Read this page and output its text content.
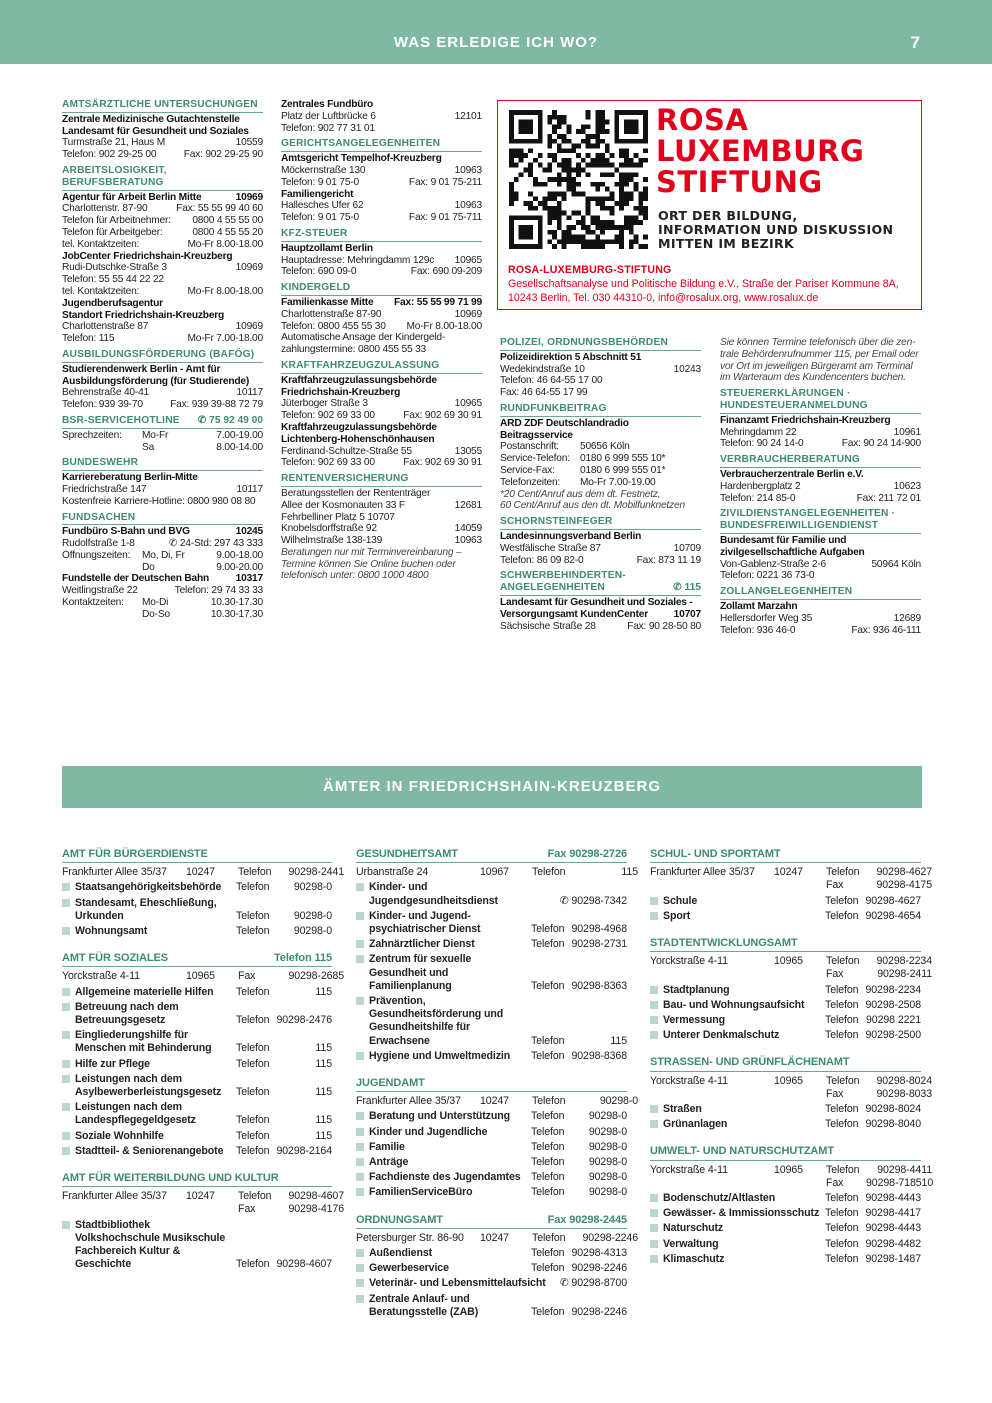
WAS ERLEDIGE ICH WO?	7
AMTSÄRZTLICHE UNTERSUCHUNGEN
Zentrale Medizinische Gutachtenstelle
Landesamt für Gesundheit und Soziales
Turmstraße 21, Haus M	10559
Telefon: 902 29-25 00	Fax: 902 29-25 90
ARBEITSLOSIGKEIT, BERUFSBERATUNG
Agentur für Arbeit Berlin Mitte	10969
Charlottenstr. 87-90	Fax: 55 55 99 40 60
Telefon für Arbeitnehmer:	0800 4 55 55 00
Telefon für Arbeitgeber:	0800 4 55 55 20
tel. Kontaktzeiten:	Mo-Fr 8.00-18.00
JobCenter Friedrichshain-Kreuzberg
Rudi-Dutschke-Straße 3	10969
Telefon: 55 55 44 22 22
tel. Kontaktzeiten:	Mo-Fr 8.00-18.00
Jugendberufsagentur
Standort Friedrichshain-Kreuzberg
Charlottenstraße 87	10969
Telefon: 115	Mo-Fr 7.00-18.00
AUSBILDUNGSFÖRDERUNG (BAFÖG)
Studierendenwerk Berlin - Amt für
Ausbildungsförderung (für Studierende)
Behrenstraße 40-41	10117
Telefon: 939 39-70	Fax: 939 39-88 72 79
BSR-SERVICEHOTLINE ✆ 75 92 49 00
Sprechzeiten:	Mo-Fr	7.00-19.00
Sa	8.00-14.00
BUNDESWEHR
Karriereberatung Berlin-Mitte
Friedrichstraße 147	10117
Kostenfreie Karriere-Hotline: 0800 980 08 80
FUNDSACHEN
Fundbüro S-Bahn und BVG	10245
Rudolfstraße 1-8	✆ 24-Std: 297 43 333
Öffnungszeiten:	Mo, Di, Fr	9.00-18.00
Do	9.00-20.00
Fundstelle der Deutschen Bahn	10317
Weitlingstraße 22	Telefon: 29 74 33 33
Kontaktzeiten:	Mo-Di	10.30-17.30
Do-So	10.30-17.30
Zentrales Fundbüro
Platz der Luftbrücke 6	12101
Telefon: 902 77 31 01
GERICHTSANGELEGENHEITEN
Amtsgericht Tempelhof-Kreuzberg
Möckernstraße 130	10963
Telefon: 9 01 75-0	Fax: 9 01 75-211
Familiengericht
Hallesches Ufer 62	10963
Telefon: 9 01 75-0	Fax: 9 01 75-711
KFZ-STEUER
Hauptzollamt Berlin
Hauptadresse: Mehringdamm 129c	10965
Telefon: 690 09-0	Fax: 690 09-209
KINDERGELD
Familienkasse Mitte	Fax: 55 55 99 71 99
Charlottenstraße 87-90	10969
Telefon: 0800 455 55 30	Mo-Fr 8.00-18.00
Automatische Ansage der Kindergeld-
zahlungstermine: 0800 455 55 33
KRAFTFAHRZEUGZULASSUNG
Kraftfahrzeugzulassungsbehörde
Friedrichshain-Kreuzberg
Jüterboger Straße 3	10965
Telefon: 902 69 33 00	Fax: 902 69 30 91
Kraftfahrzeugzulassungsbehörde
Lichtenberg-Hohenschönhausen
Ferdinand-Schultze-Straße 55	13055
Telefon: 902 69 33 00	Fax: 902 69 30 91
RENTENVERSICHERUNG
Beratungsstellen der Rententräger
Allee der Kosmonauten 33 F	12681
Fehrbelliner Platz 5 10707
Knobelsdorffstraße 92	14059
Wilhelmstraße 138-139	10963
Beratungen nur mit Terminvereinbarung –
Termine können Sie Online buchen oder
telefonisch unter: 0800 1000 4800
ROSA
LUXEMBURG
STIFTUNG
ORT DER BILDUNG,
INFORMATION UND DISKUSSION
MITTEN IM BEZIRK
ROSA-LUXEMBURG-STIFTUNG
Gesellschaftsanalyse und Politische Bildung e.V., Straße der Pariser Kommune 8A,
10243 Berlin, Tel. 030 44310-0, info@rosalux.org, www.rosalux.de
POLIZEI, ORDNUNGSBEHÖRDEN
Polizeidirektion 5 Abschnitt 51
Wedekindstraße 10	10243
Telefon: 46 64-55 17 00
Fax: 46 64-55 17 99
RUNDFUNKBEITRAG
ARD ZDF Deutschlandradio
Beitragsservice
Postanschrift:	50656 Köln
Service-Telefon: 0180 6 999 555 10*
Service-Fax:	0180 6 999 555 01*
Telefonzeiten:	Mo-Fr 7.00-19.00
*20 Cent/Anruf aus dem dt. Festnetz,
60 Cent/Anruf aus den dt. Mobilfunknetzen
SCHORNSTEINFEGER
Landesinnungsverband Berlin
Westfälische Straße 87	10709
Telefon: 86 09 82-0	Fax: 873 11 19
SCHWERBEHINDERTEN-
ANGELEGENHEITEN	✆ 115
Landesamt für Gesundheit und Soziales -
Versorgungsamt KundenCenter	10707
Sächsische Straße 28	Fax: 90 28-50 80
Sie können Termine telefonisch über die zen-
trale Behördenrufnummer 115, per Email oder
vor Ort im jeweiligen Bürgeramt am Terminal
im Warteraum des Kundencenters buchen.
STEUERERKLÄRUNGEN ·
HUNDESTEUERANMELDUNG
Finanzamt Friedrichshain-Kreuzberg
Mehringdamm 22	10961
Telefon: 90 24 14-0	Fax: 90 24 14-900
VERBRAUCHERBERATUNG
Verbraucherzentrale Berlin e.V.
Hardenbergplatz 2	10623
Telefon: 214 85-0	Fax: 211 72 01
ZIVILDIENSTANGELEGENHEITEN ·
BUNDESFREIWILLIGENDIENST
Bundesamt für Familie und
zivilgesellschaftliche Aufgaben
Von-Gablenz-Straße 2-6	50964 Köln
Telefon: 0221 36 73-0
ZOLLANGELEGENHEITEN
Zollamt Marzahn
Hellersdorfer Weg 35	12689
Telefon: 936 46-0	Fax: 936 46-111
ÄMTER IN FRIEDRICHSHAIN-KREUZBERG
AMT FÜR BÜRGERDIENSTE
Frankfurter Allee 35/37	10247	Telefon	90298-2441
Staatsangehörigkeitsbehörde	Telefon	90298-0
Standesamt, Eheschließung, Urkunden	Telefon	90298-0
Wohnungsamt	Telefon	90298-0
AMT FÜR SOZIALES	Telefon 115
Yorckstraße 4-11	10965	Fax	90298-2685
Allgemeine materielle Hilfen	Telefon	115
Betreuung nach dem Betreuungsgesetz	Telefon 90298-2476
Eingliederungshilfe für Menschen mit Behinderung	Telefon	115
Hilfe zur Pflege	Telefon	115
Leistungen nach dem Asylbewerberleistungsgesetz	Telefon	115
Leistungen nach dem Landespflegegeldgesetz	Telefon	115
Soziale Wohnhilfe	Telefon	115
Stadtteil- & Seniorenangebote	Telefon 90298-2164
AMT FÜR WEITERBILDUNG UND KULTUR
Frankfurter Allee 35/37	10247	Telefon	90298-4607
Fax	90298-4176
Stadtbibliothek Volkshochschule Musikschule Fachbereich Kultur & Geschichte	Telefon 90298-4607
GESUNDHEITSAMT	Fax 90298-2726
Urbanstraße 24	10967	Telefon	115
Kinder- und Jugendgesundheitsdienst	✆ 90298-7342
Kinder- und Jugend- psychiatrischer Dienst	Telefon 90298-4968
Zahnärztlicher Dienst	Telefon 90298-2731
Zentrum für sexuelle Gesundheit und Familienplanung	Telefon 90298-8363
Prävention, Gesundheitsförderung und Gesundheitshilfe für Erwachsene	Telefon	115
Hygiene und Umweltmedizin	Telefon 90298-8368
JUGENDAMT
Frankfurter Allee 35/37	10247	Telefon	90298-0
Beratung und Unterstützung	Telefon	90298-0
Kinder und Jugendliche	Telefon	90298-0
Familie	Telefon	90298-0
Anträge	Telefon	90298-0
Fachdienste des Jugendamtes Telefon	90298-0
FamilienServiceBüro	Telefon	90298-0
ORDNUNGSAMT	Fax 90298-2445
Petersburger Str. 86-90	10247	Telefon	90298-2246
Außendienst	Telefon 90298-4313
Gewerbeservice	Telefon 90298-2246
Veterinär- und Lebensmittelaufsicht	✆ 90298-8700
Zentrale Anlauf- und Beratungsstelle (ZAB)	Telefon 90298-2246
SCHUL- UND SPORTAMT
Frankfurter Allee 35/37	10247	Telefon	90298-4627
Fax	90298-4175
Schule	Telefon 90298-4627
Sport	Telefon 90298-4654
STADTENTWICKLUNGSAMT
Yorckstraße 4-11	10965	Telefon	90298-2234
Fax	90298-2411
Stadtplanung	Telefon 90298-2234
Bau- und Wohnungsaufsicht	Telefon 90298-2508
Vermessung	Telefon 90298 2221
Unterer Denkmalschutz	Telefon 90298-2500
STRASSEN- UND GRÜNFLÄCHENAMT
Yorckstraße 4-11	10965	Telefon	90298-8024
Fax	90298-8033
Straßen	Telefon 90298-8024
Grünanlagen	Telefon 90298-8040
UMWELT- UND NATURSCHUTZAMT
Yorckstraße 4-11	10965	Telefon	90298-4411
Fax	90298-718510
Bodenschutz/Altlasten	Telefon 90298-4443
Gewässer- & Immissionsschutz Telefon 90298-4417
Naturschutz	Telefon 90298-4443
Verwaltung	Telefon 90298-4482
Klimaschutz	Telefon 90298-1487
